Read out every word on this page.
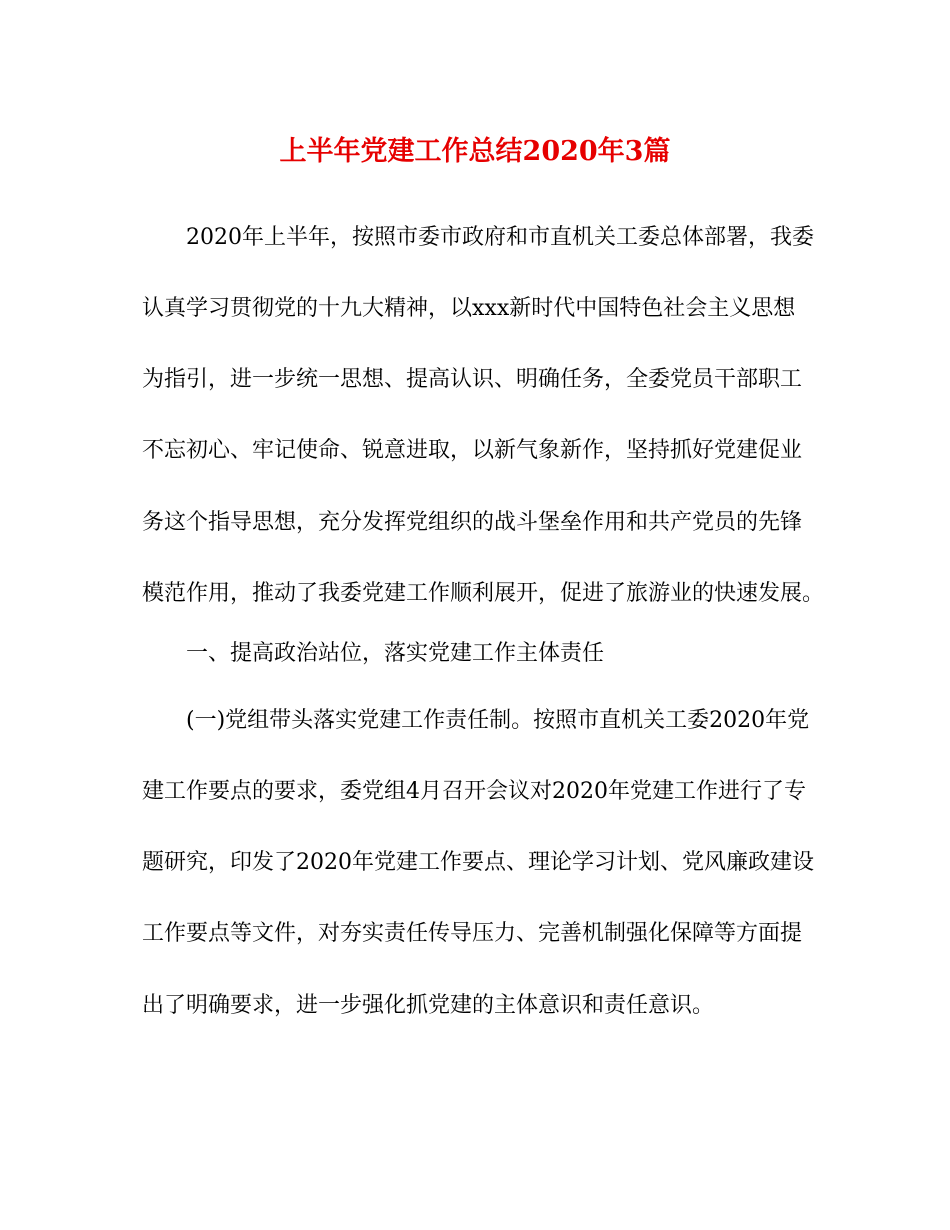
上半年党建工作总结2020年3篇

2020年上半年，按照市委市政府和市直机关工委总体部署，我委

认真学习贯彻党的十九大精神，以xxx新时代中国特色社会主义思想

为指引，进一步统一思想、提高认识、明确任务，全委党员干部职工

不忘初心、牢记使命、锐意进取，以新气象新作，坚持抓好党建促业

务这个指导思想，充分发挥党组织的战斗堡垒作用和共产党员的先锋

模范作用，推动了我委党建工作顺利展开，促进了旅游业的快速发展。

一、提高政治站位，落实党建工作主体责任

(一)党组带头落实党建工作责任制。按照市直机关工委2020年党

建工作要点的要求，委党组4月召开会议对2020年党建工作进行了专

题研究，印发了2020年党建工作要点、理论学习计划、党风廉政建设

工作要点等文件，对夯实责任传导压力、完善机制强化保障等方面提

出了明确要求，进一步强化抓党建的主体意识和责任意识。
